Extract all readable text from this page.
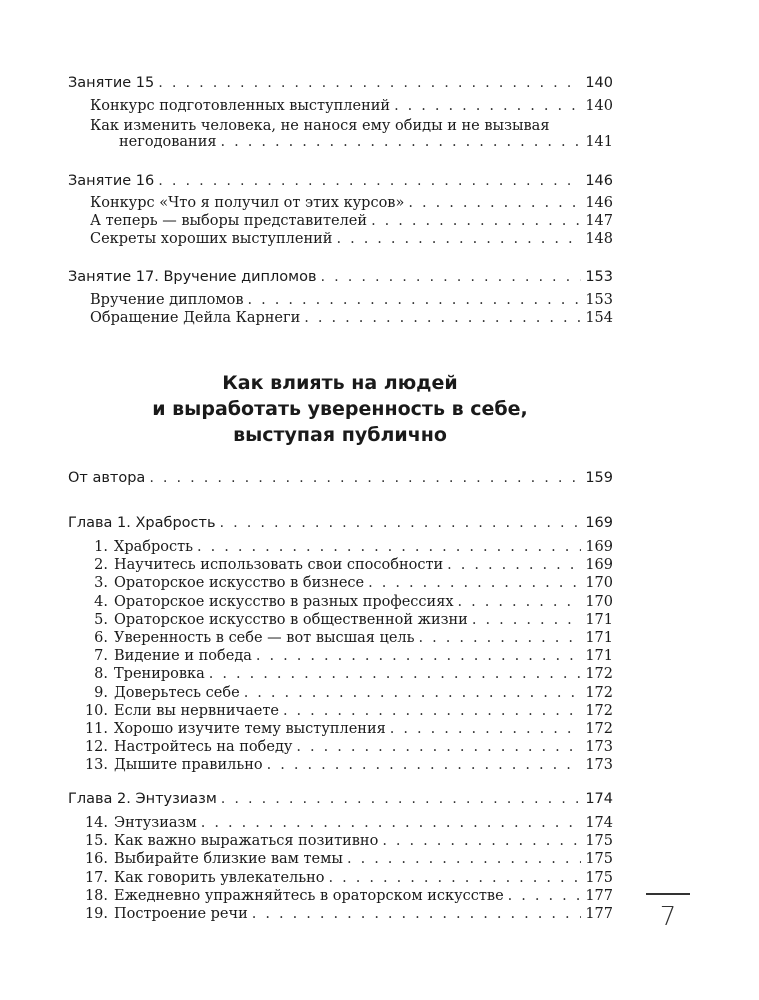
Занятие 15 . . .	140
Конкурс подготовленных выступлений . . .	140
Как изменить человека, не нанося ему обиды и не вызывая
негодования . . .	141
Занятие 16 . . .	146
Конкурс «Что я получил от этих курсов» . . .	146
А теперь — выборы представителей . . .	147
Секреты хороших выступлений . . .	148
Занятие 17. Вручение дипломов . . .	153
Вручение дипломов . . .	153
Обращение Дейла Карнеги . . .	154
Как влиять на людей
и выработать уверенность в себе,
выступая публично
От автора . . .	159
Глава 1. Храбрость . . .	169
1. Храбрость . . .	169
2. Научитесь использовать свои способности . . .	169
3. Ораторское искусство в бизнесе . . .	170
4. Ораторское искусство в разных профессиях . . .	170
5. Ораторское искусство в общественной жизни . . .	171
6. Уверенность в себе — вот высшая цель . . .	171
7. Видение и победа . . .	171
8. Тренировка . . .	172
9. Доверьтесь себе . . .	172
10. Если вы нервничаете . . .	172
11. Хорошо изучите тему выступления . . .	172
12. Настройтесь на победу . . .	173
13. Дышите правильно . . .	173
Глава 2. Энтузиазм . . .	174
14. Энтузиазм . . .	174
15. Как важно выражаться позитивно . . .	175
16. Выбирайте близкие вам темы . . .	175
17. Как говорить увлекательно . . .	175
18. Ежедневно упражняйтесь в ораторском искусстве . . .	177
19. Построение речи . . .	177	7
